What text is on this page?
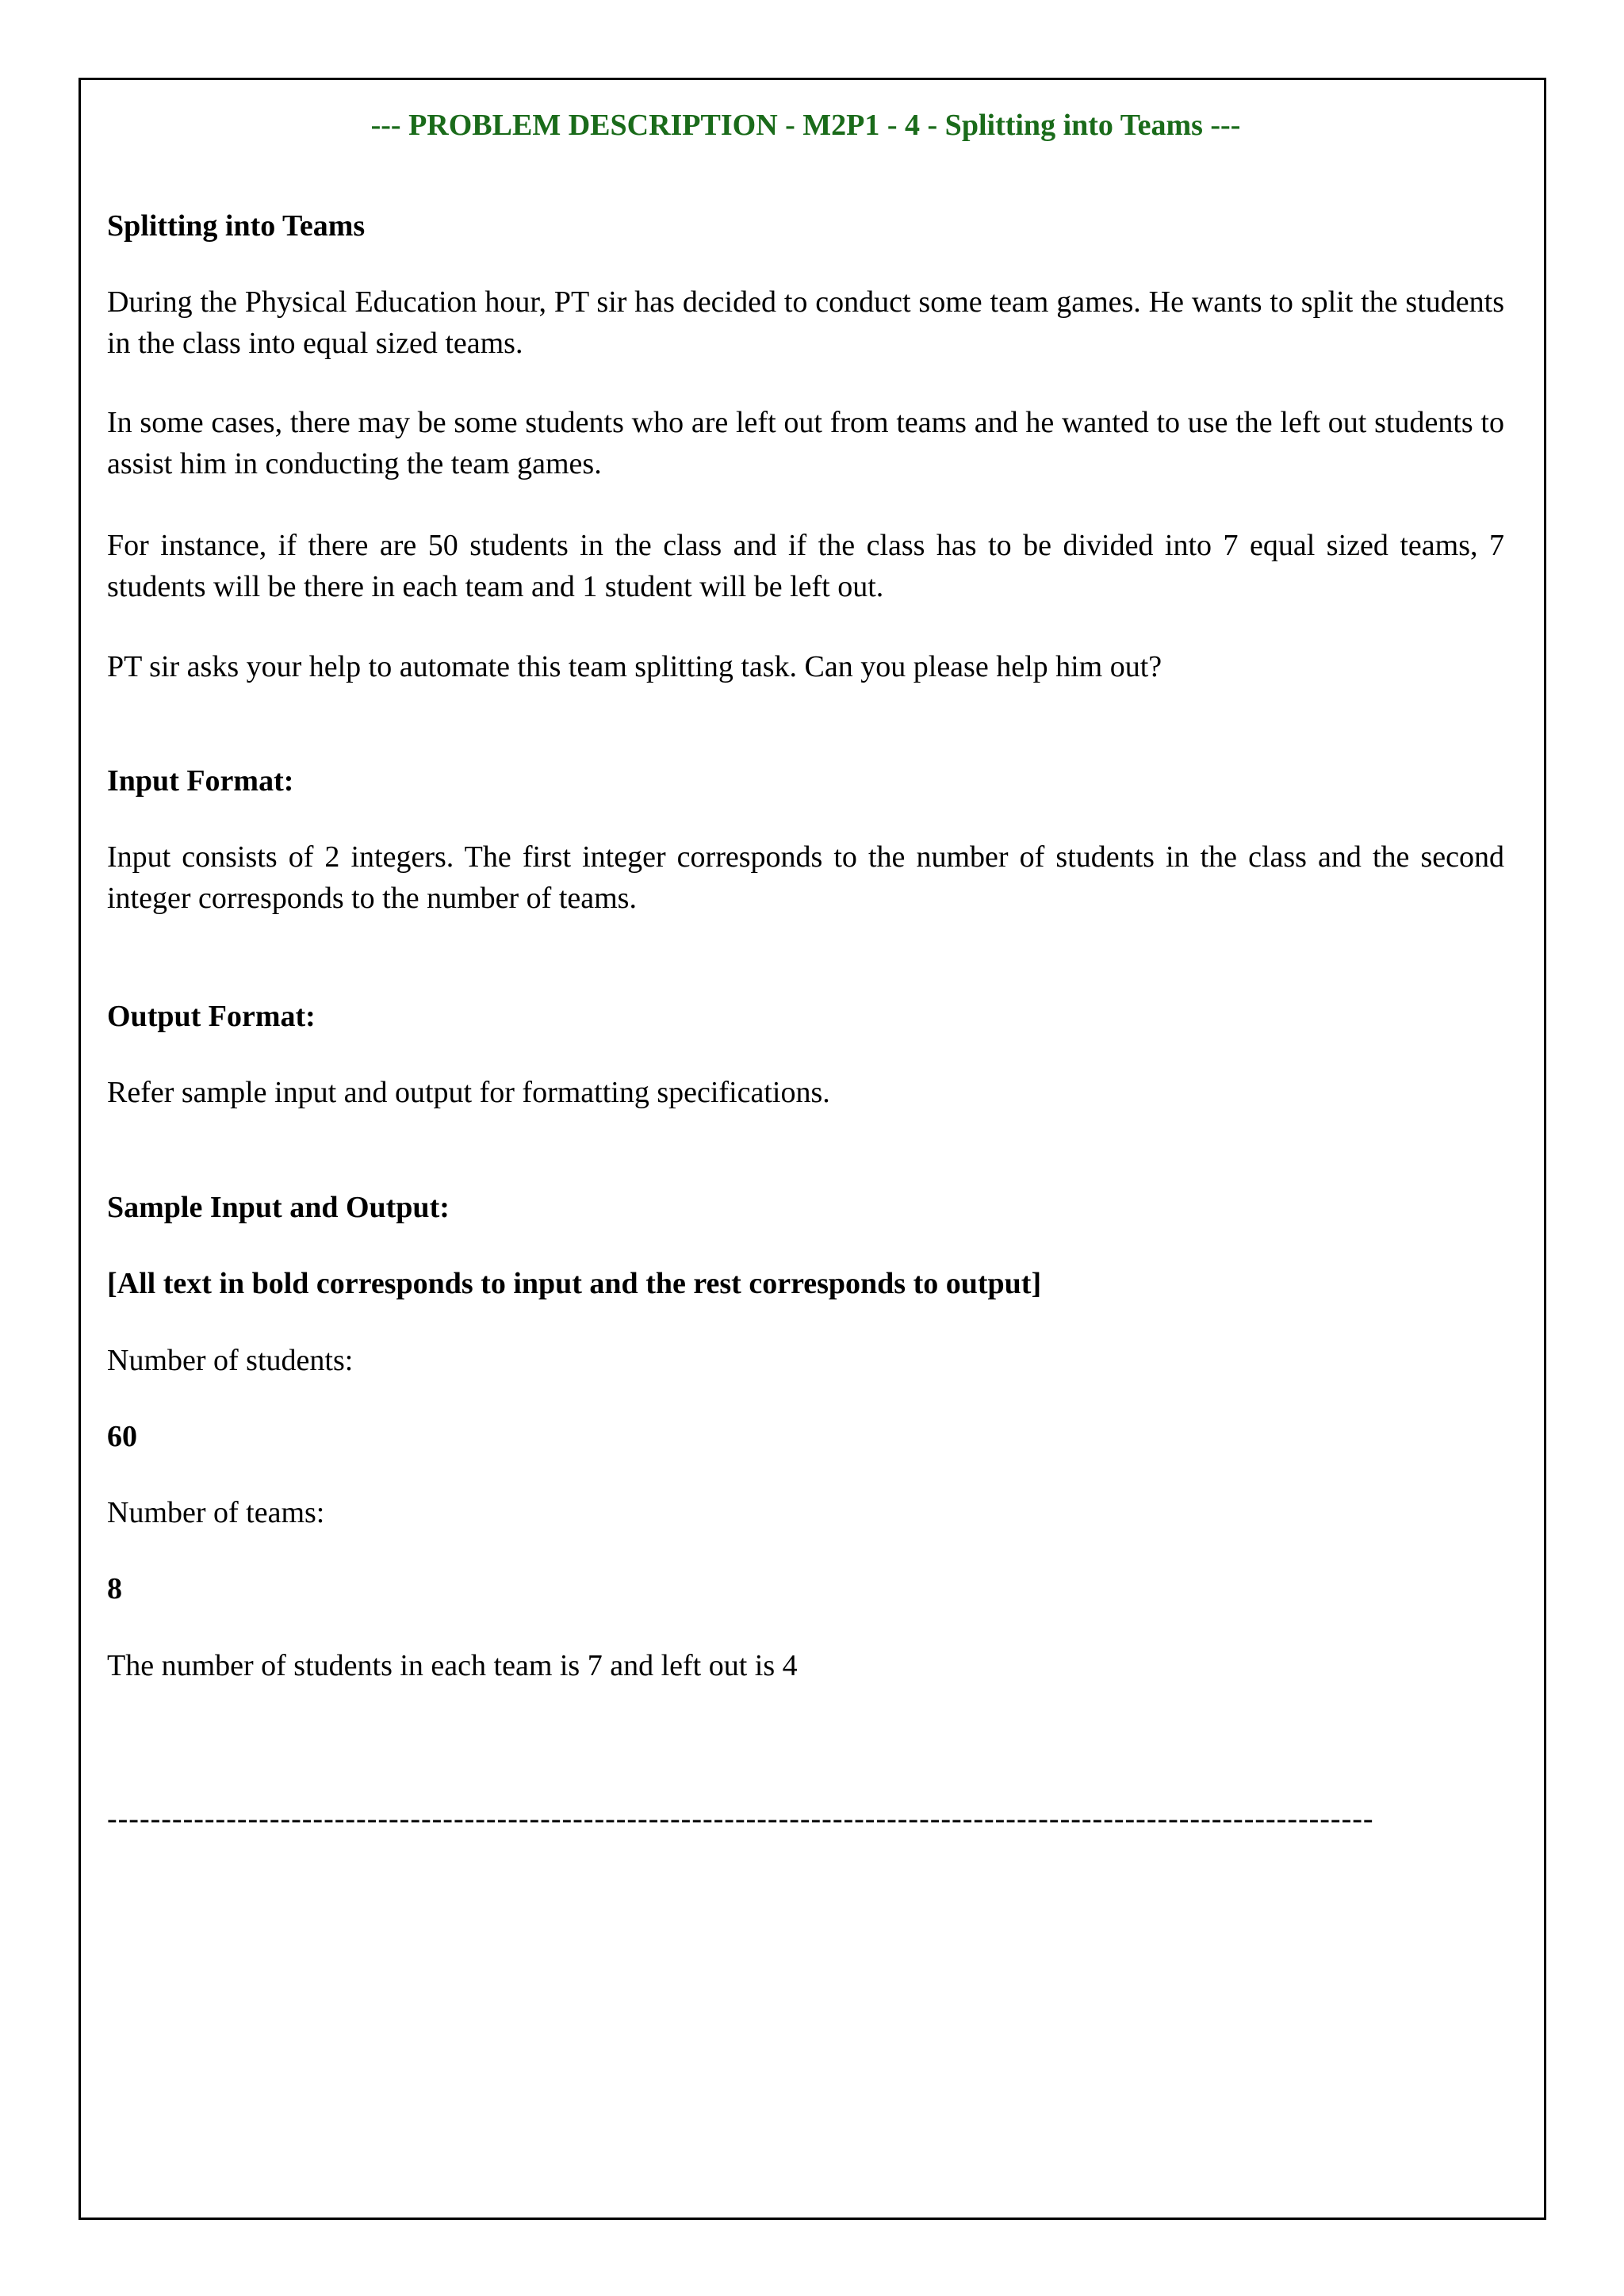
--- PROBLEM DESCRIPTION - M2P1 - 4 - Splitting into Teams ---

Splitting into Teams

During the Physical Education hour, PT sir has decided to conduct some team games. He wants to split the students in the class into equal sized teams.

In some cases, there may be some students who are left out from teams and he wanted to use the left out students to assist him in conducting the team games.

For instance, if there are 50 students in the class and if the class has to be divided into 7 equal sized teams, 7 students will be there in each team and 1 student will be left out.

PT sir asks your help to automate this team splitting task. Can you please help him out?

Input Format:

Input consists of 2 integers. The first integer corresponds to the number of students in the class and the second integer corresponds to the number of teams.

Output Format:

Refer sample input and output for formatting specifications.

Sample Input and Output:

[All text in bold corresponds to input and the rest corresponds to output]

Number of students:

60

Number of teams:

8

The number of students in each team is 7 and left out is 4

---------------------------------------------------------------------------------------------------------------------
